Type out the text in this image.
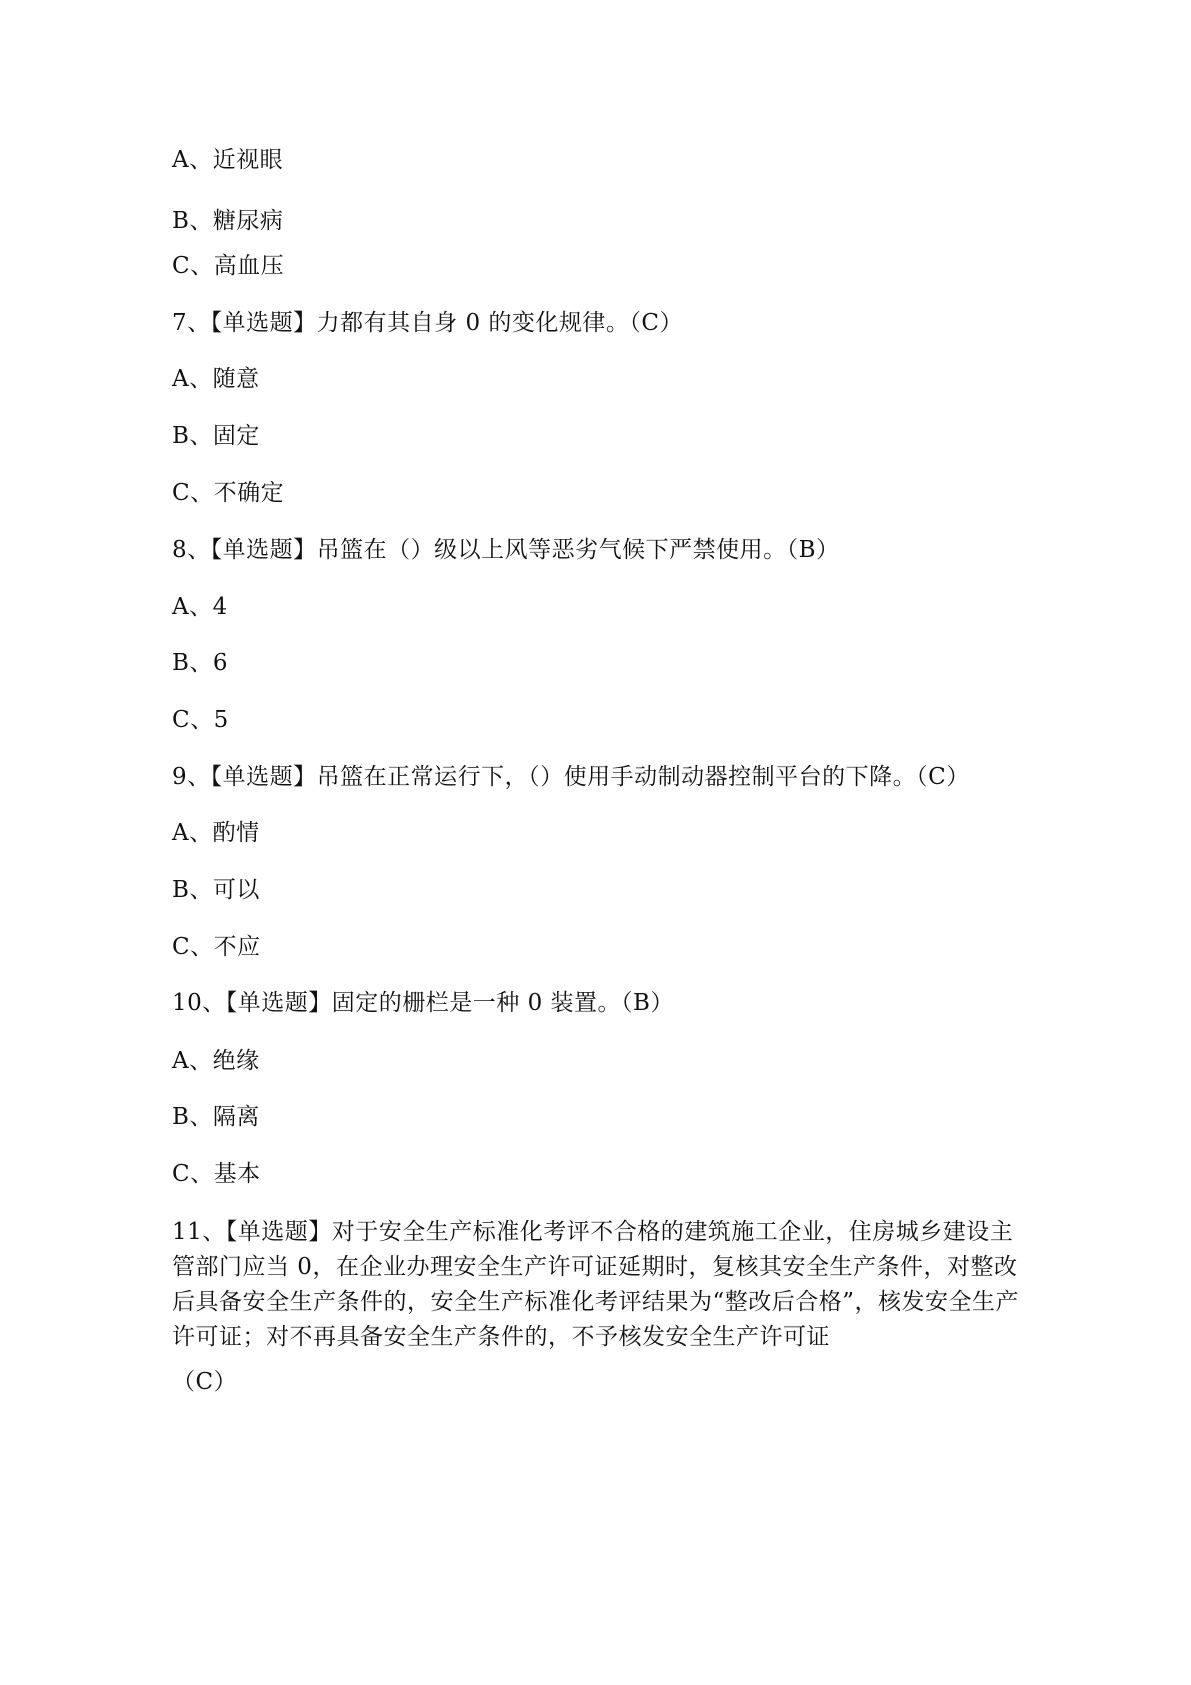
A、近视眼
B、糖尿病
C、高血压
7、【单选题】力都有其自身 0 的变化规律。（C）
A、随意
B、固定
C、不确定
8、【单选题】吊篮在（）级以上风等恶劣气候下严禁使用。（B）
A、4
B、6
C、5
9、【单选题】吊篮在正常运行下，（）使用手动制动器控制平台的下降。（C）
A、酌情
B、可以
C、不应
10、【单选题】固定的栅栏是一种 0 装置。（B）
A、绝缘
B、隔离
C、基本
11、【单选题】对于安全生产标准化考评不合格的建筑施工企业，住房城乡建设主管部门应当 0，在企业办理安全生产许可证延期时，复核其安全生产条件，对整改后具备安全生产条件的，安全生产标准化考评结果为“整改后合格”，核发安全生产许可证；对不再具备安全生产条件的，不予核发安全生产许可证
（C）
